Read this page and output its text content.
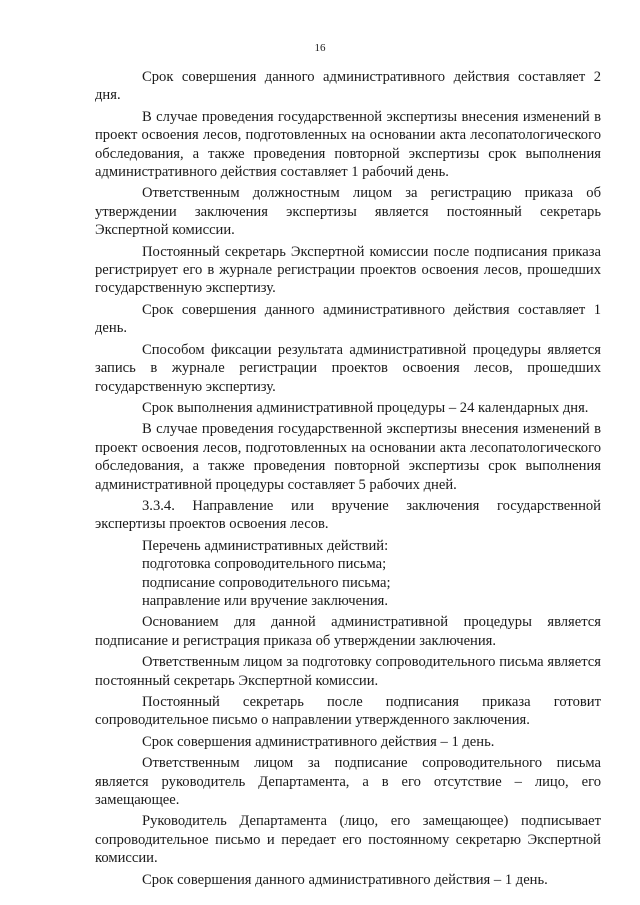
16

Срок совершения данного административного действия составляет 2 дня.

В случае проведения государственной экспертизы внесения изменений в проект освоения лесов, подготовленных на основании акта лесопатологического обследования, а также проведения повторной экспертизы срок выполнения административного действия составляет 1 рабочий день.

Ответственным должностным лицом за регистрацию приказа об утверждении заключения экспертизы является постоянный секретарь Экспертной комиссии.

Постоянный секретарь Экспертной комиссии после подписания приказа регистрирует его в журнале регистрации проектов освоения лесов, прошедших государственную экспертизу.

Срок совершения данного административного действия составляет 1 день.

Способом фиксации результата административной процедуры является запись в журнале регистрации проектов освоения лесов, прошедших государственную экспертизу.

Срок выполнения административной процедуры – 24 календарных дня.

В случае проведения государственной экспертизы внесения изменений в проект освоения лесов, подготовленных на основании акта лесопатологического обследования, а также проведения повторной экспертизы срок выполнения административной процедуры составляет 5 рабочих дней.

3.3.4. Направление или вручение заключения государственной экспертизы проектов освоения лесов.

Перечень административных действий:

подготовка сопроводительного письма;

подписание сопроводительного письма;

направление или вручение заключения.

Основанием для данной административной процедуры является подписание и регистрация приказа об утверждении заключения.

Ответственным лицом за подготовку сопроводительного письма является постоянный секретарь Экспертной комиссии.

Постоянный секретарь после подписания приказа готовит сопроводительное письмо о направлении утвержденного заключения.

Срок совершения административного действия – 1 день.

Ответственным лицом за подписание сопроводительного письма является руководитель Департамента, а в его отсутствие – лицо, его замещающее.

Руководитель Департамента (лицо, его замещающее) подписывает сопроводительное письмо и передает его постоянному секретарю Экспертной комиссии.

Срок совершения данного административного действия – 1 день.
